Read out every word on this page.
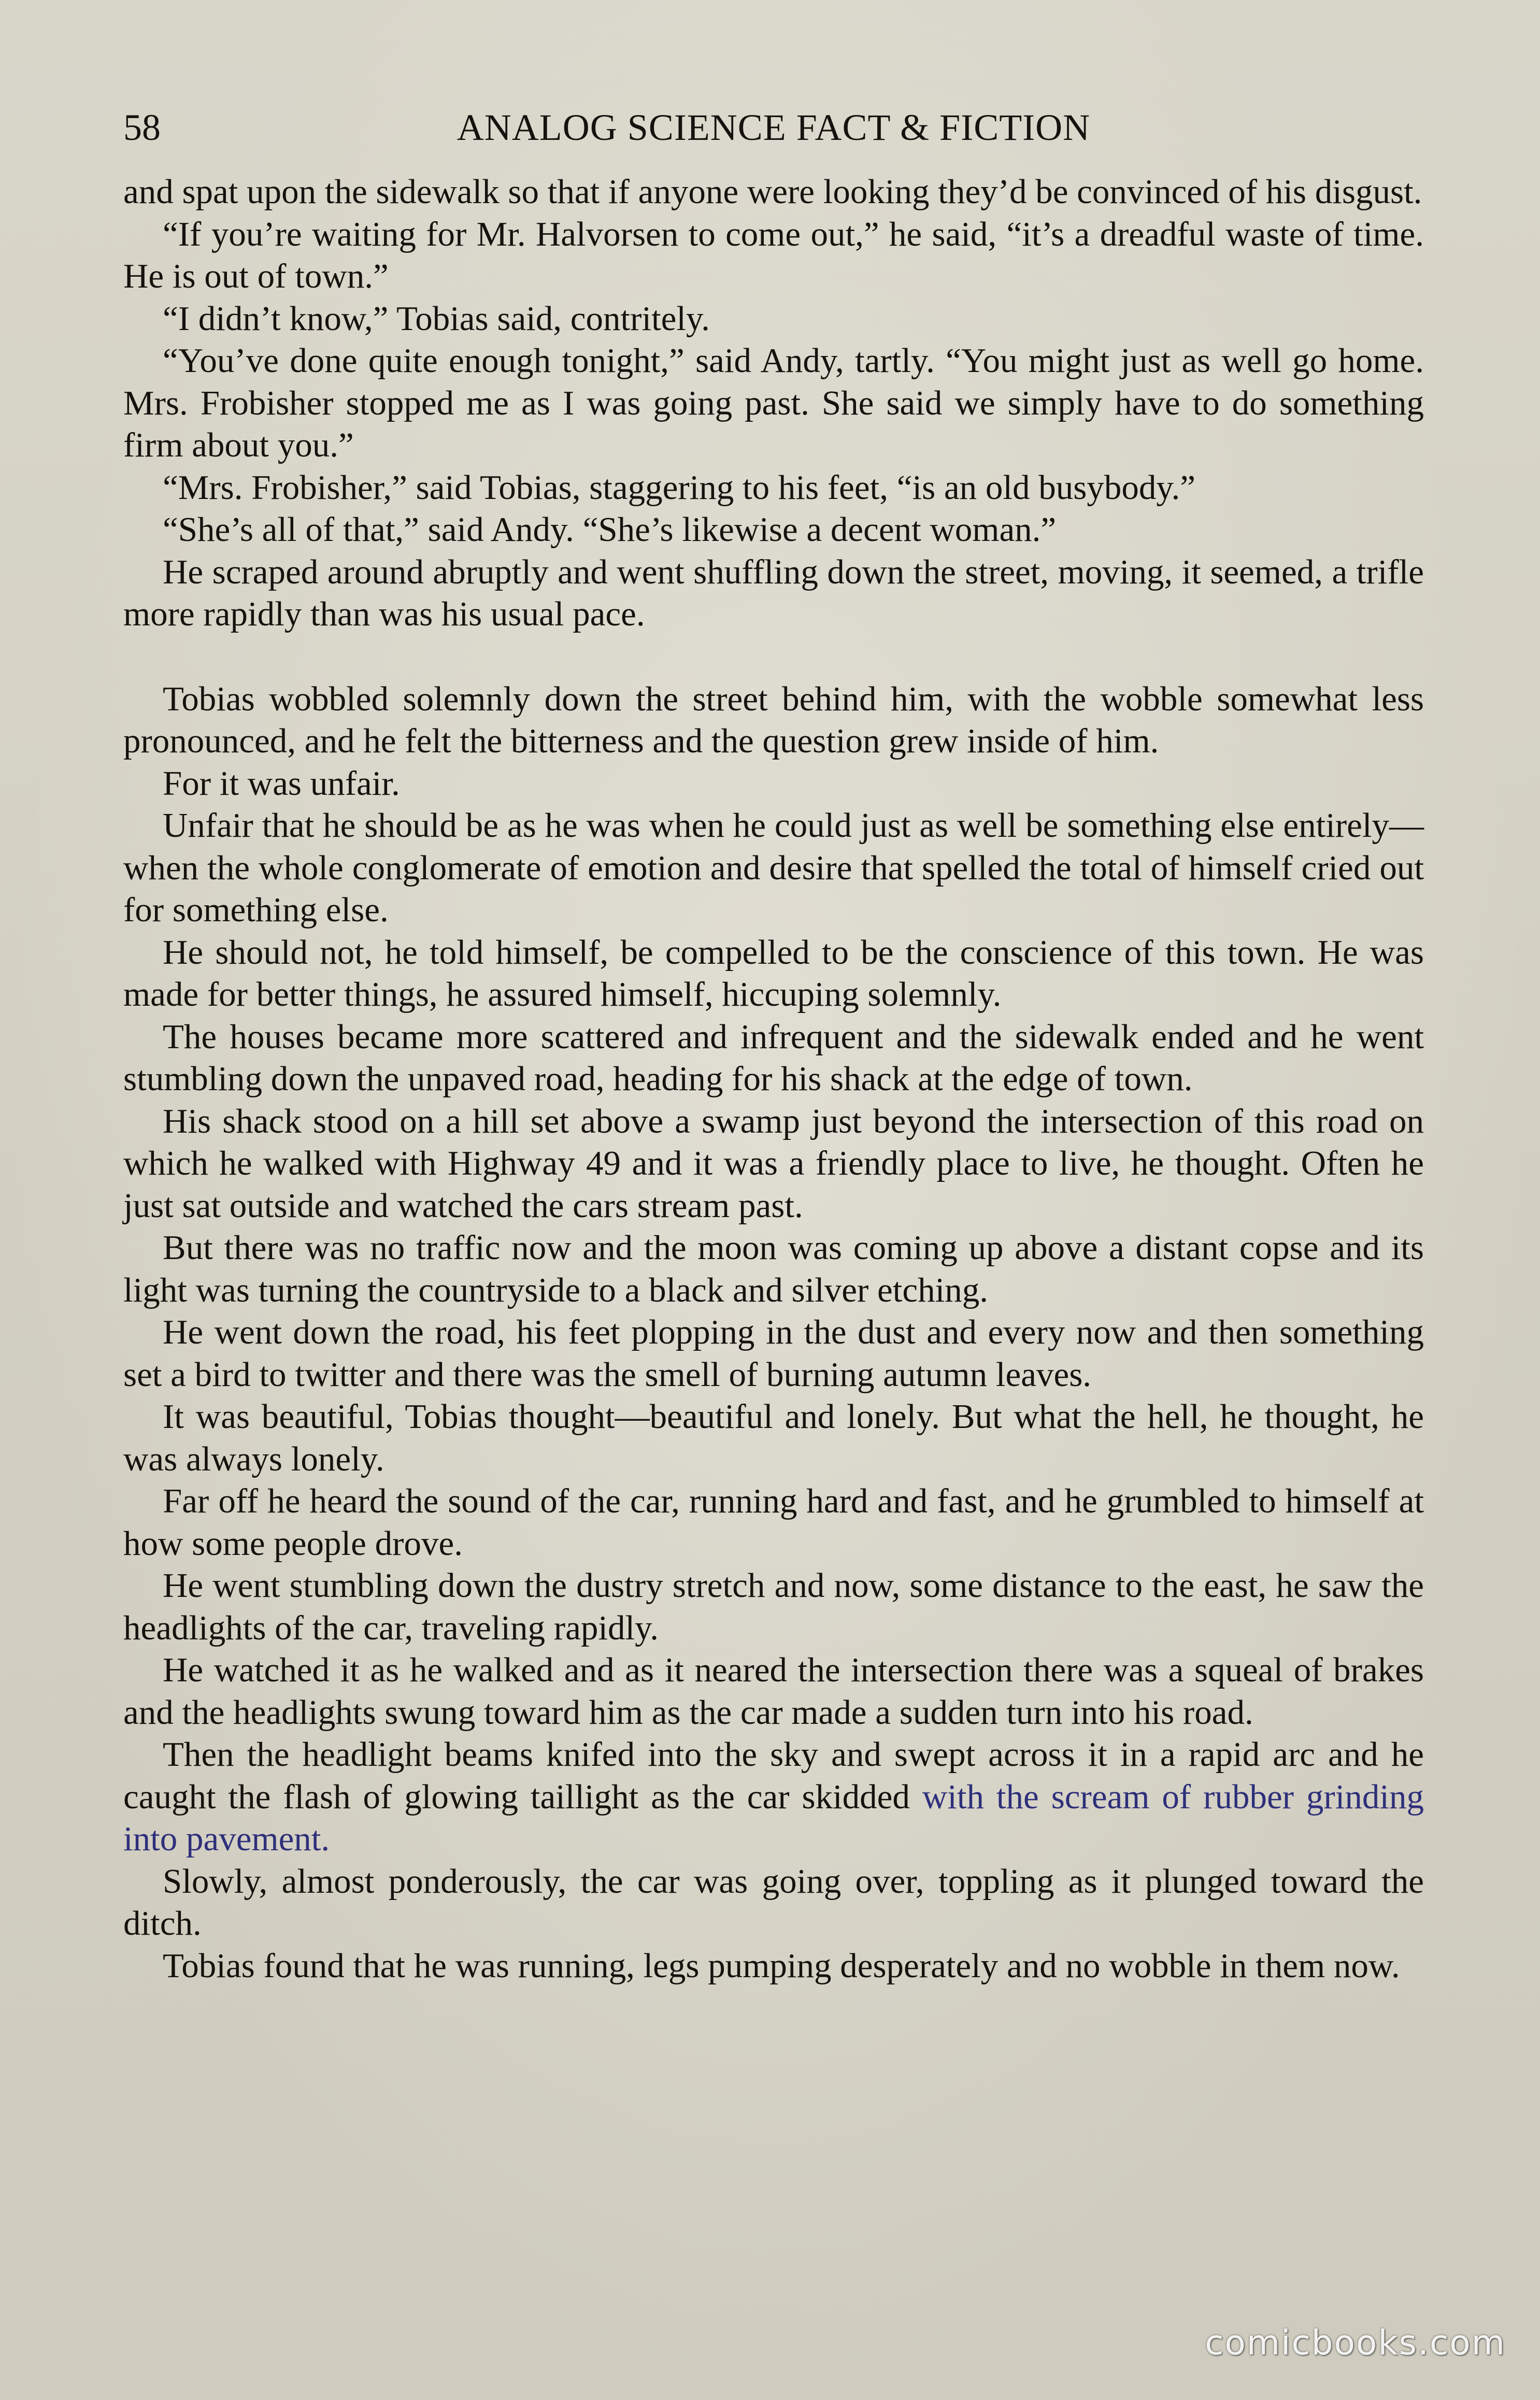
58	ANALOG SCIENCE FACT & FICTION

and spat upon the sidewalk so that if anyone were looking they’d be convinced of his disgust.

“If you’re waiting for Mr. Halvorsen to come out,” he said, “it’s a dreadful waste of time. He is out of town.”

“I didn’t know,” Tobias said, contritely.

“You’ve done quite enough tonight,” said Andy, tartly. “You might just as well go home. Mrs. Frobisher stopped me as I was going past. She said we simply have to do something firm about you.”

“Mrs. Frobisher,” said Tobias, staggering to his feet, “is an old busybody.”

“She’s all of that,” said Andy. “She’s likewise a decent woman.”

He scraped around abruptly and went shuffling down the street, moving, it seemed, a trifle more rapidly than was his usual pace.

Tobias wobbled solemnly down the street behind him, with the wobble somewhat less pronounced, and he felt the bitterness and the question grew inside of him.

For it was unfair.

Unfair that he should be as he was when he could just as well be something else entirely—when the whole conglomerate of emotion and desire that spelled the total of himself cried out for something else.

He should not, he told himself, be compelled to be the conscience of this town. He was made for better things, he assured himself, hiccuping solemnly.

The houses became more scattered and infrequent and the sidewalk ended and he went stumbling down the unpaved road, heading for his shack at the edge of town.

His shack stood on a hill set above a swamp just beyond the intersection of this road on which he walked with Highway 49 and it was a friendly place to live, he thought. Often he just sat outside and watched the cars stream past.

But there was no traffic now and the moon was coming up above a distant copse and its light was turning the countryside to a black and silver etching.

He went down the road, his feet plopping in the dust and every now and then something set a bird to twitter and there was the smell of burning autumn leaves.

It was beautiful, Tobias thought—beautiful and lonely. But what the hell, he thought, he was always lonely.

Far off he heard the sound of the car, running hard and fast, and he grumbled to himself at how some people drove.

He went stumbling down the dustry stretch and now, some distance to the east, he saw the headlights of the car, traveling rapidly.

He watched it as he walked and as it neared the intersection there was a squeal of brakes and the headlights swung toward him as the car made a sudden turn into his road.

Then the headlight beams knifed into the sky and swept across it in a rapid arc and he caught the flash of glowing taillight as the car skidded with the scream of rubber grinding into pavement.

Slowly, almost ponderously, the car was going over, toppling as it plunged toward the ditch.

Tobias found that he was running, legs pumping desperately and no wobble in them now.

comicbooks.com
